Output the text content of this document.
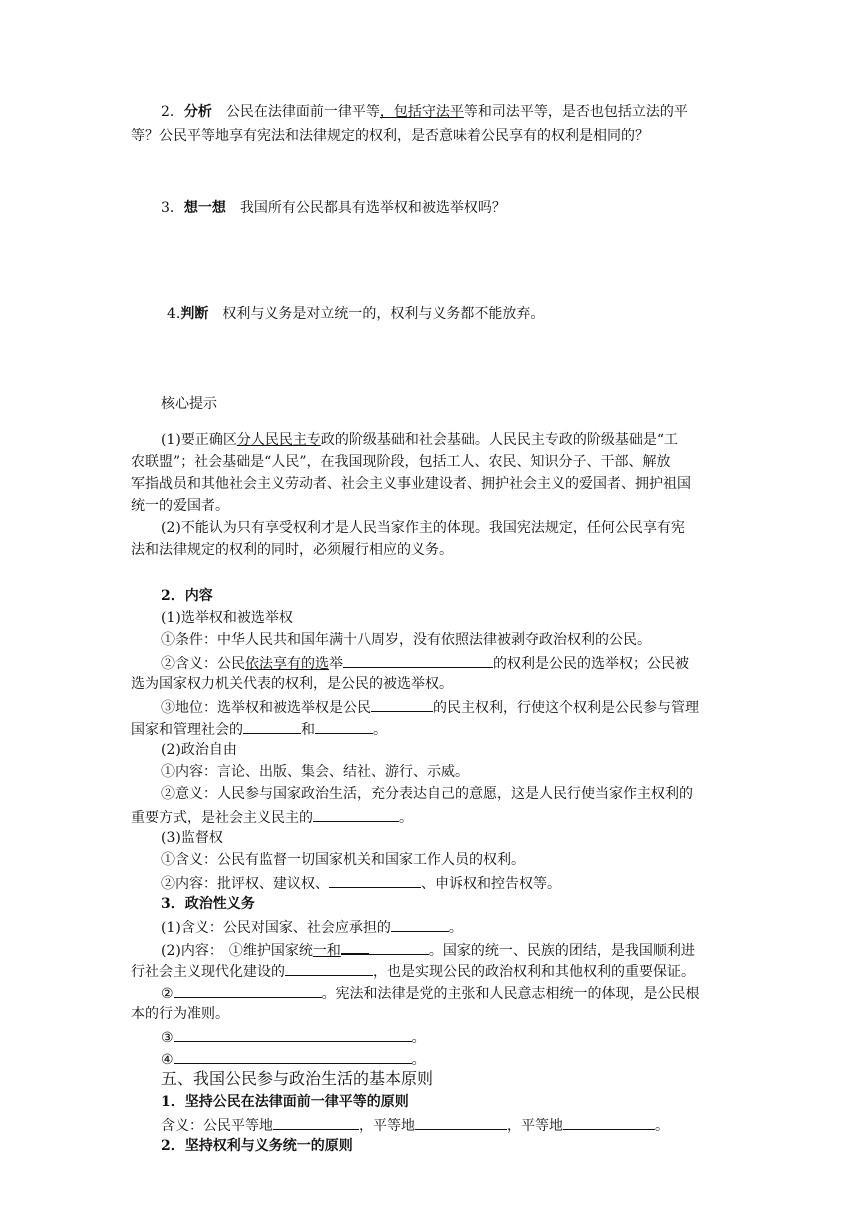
2．分析 公民在法律面前一律平等，包括守法平等和司法平等，是否也包括立法的平
等？公民平等地享有宪法和法律规定的权利，是否意味着公民享有的权利是相同的？
3．想一想 我国所有公民都具有选举权和被选举权吗？
4.判断 权利与义务是对立统一的，权利与义务都不能放弃。
核心提示
(1)要正确区分人民民主专政的阶级基础和社会基础。人民民主专政的阶级基础是“工
农联盟”；社会基础是“人民”，在我国现阶段，包括工人、农民、知识分子、干部、解放
军指战员和其他社会主义劳动者、社会主义事业建设者、拥护社会主义的爱国者、拥护祖国
统一的爱国者。
(2)不能认为只有享受权利才是人民当家作主的体现。我国宪法规定，任何公民享有宪
法和法律规定的权利的同时，必须履行相应的义务。
2．内容
(1)选举权和被选举权
①条件：中华人民共和国年满十八周岁，没有依照法律被剥夺政治权利的公民。
②含义：公民依法享有的选举	的权利是公民的选举权；公民被
选为国家权力机关代表的权利，是公民的被选举权。
③地位：选举权和被选举权是公民	的民主权利，行使这个权利是公民参与管理
国家和管理社会的	和	。
(2)政治自由
①内容：言论、出版、集会、结社、游行、示威。
②意义：人民参与国家政治生活，充分表达自己的意愿，这是人民行使当家作主权利的
重要方式，是社会主义民主的	。
(3)监督权
①含义：公民有监督一切国家机关和国家工作人员的权利。
②内容：批评权、建议权、	、申诉权和控告权等。
3．政治性义务
(1)含义：公民对国家、社会应承担的	。
(2)内容： ①维护国家统一和	。国家的统一、民族的团结，是我国顺利进
行社会主义现代化建设的	，也是实现公民的政治权利和其他权利的重要保证。
②	。宪法和法律是党的主张和人民意志相统一的体现，是公民根
本的行为准则。
③	。
④	。
五、我国公民参与政治生活的基本原则
1．坚持公民在法律面前一律平等的原则
含义：公民平等地	，平等地	，平等地	。
2．坚持权利与义务统一的原则
